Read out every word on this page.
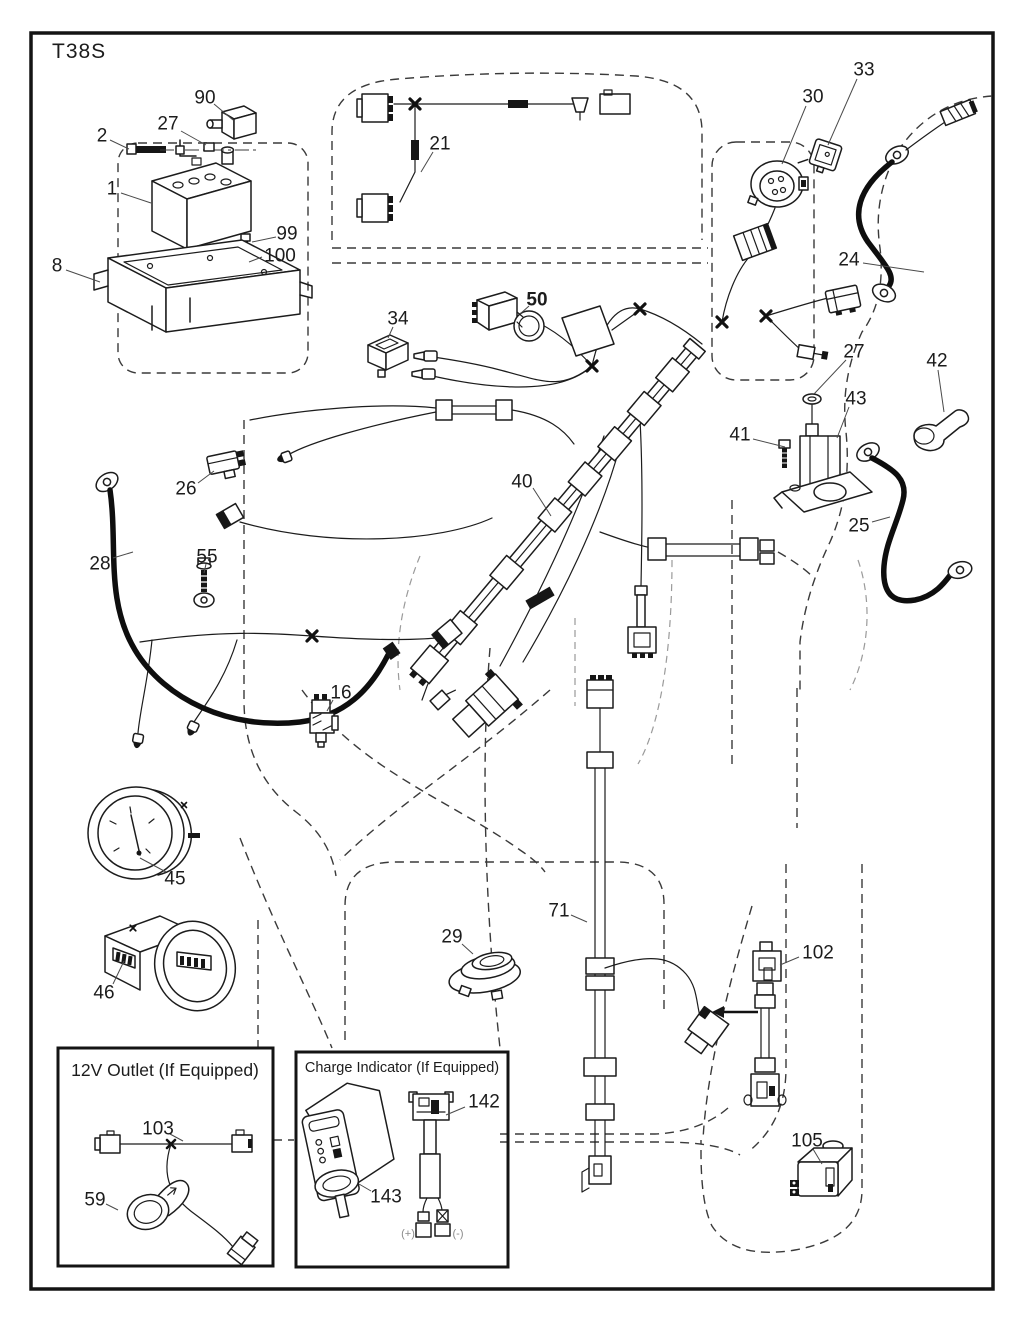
T38S
12V Outlet (If Equipped)	Charge Indicator (If Equipped)
(+)	(-)
90
2
27
1
99
100
8
21
30
33
24
34
50
26
27	42
43
41
28	55
40
25
16
45
46
29
71
102
103
59
142
143
105
